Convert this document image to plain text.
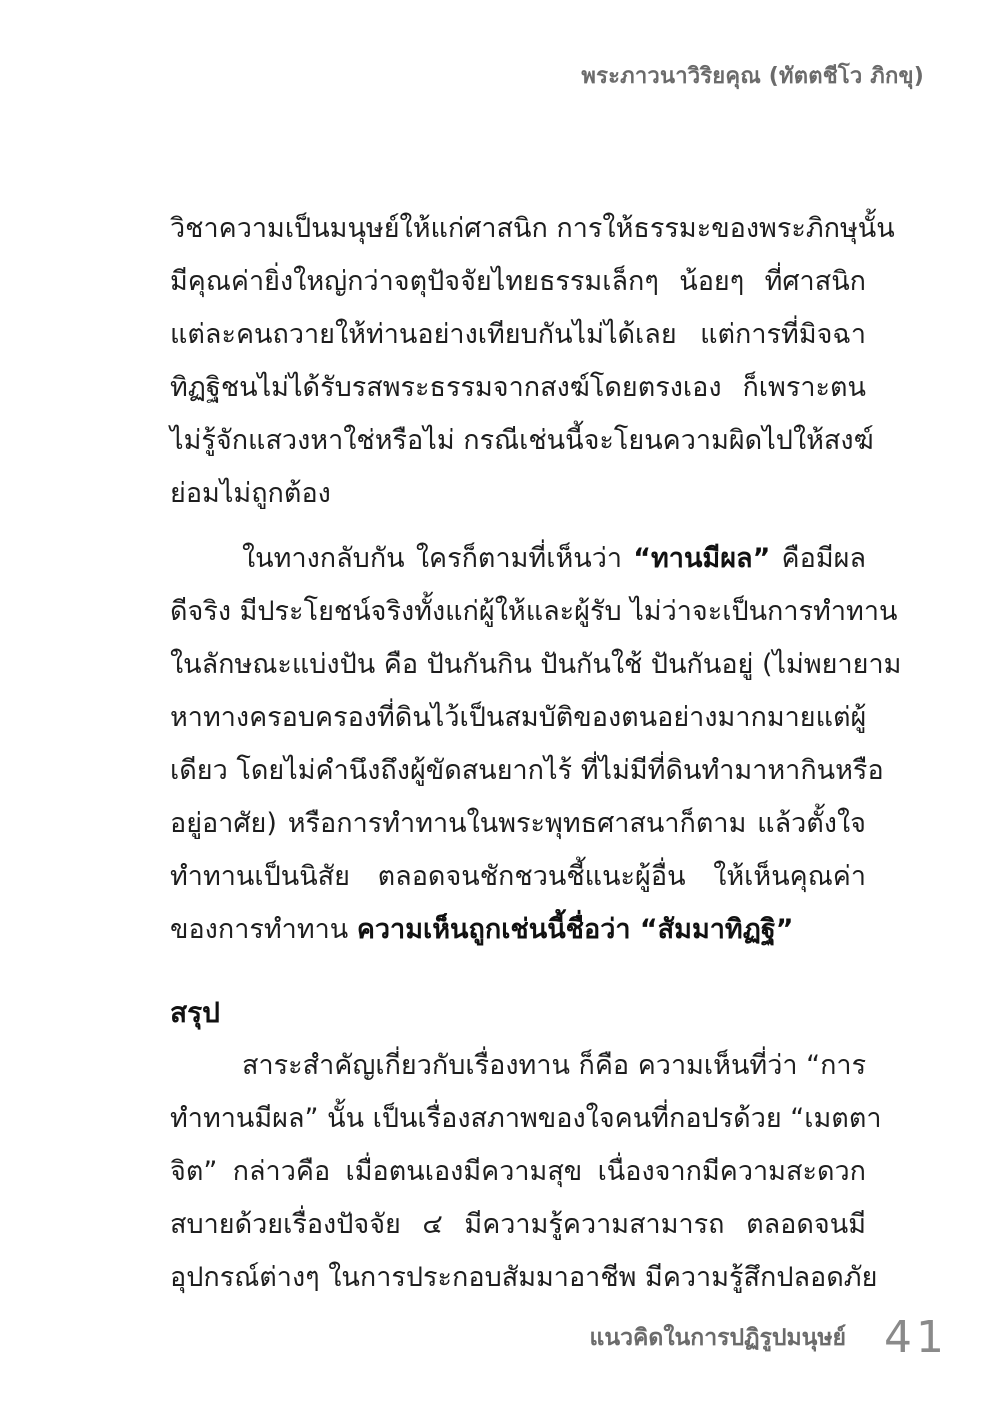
พระภาวนาวิริยคุณ (ทัตตชีโว ภิกขุ)
วิชาความเป็นมนุษย์ให้แก่ศาสนิก การให้ธรรมะของพระภิกษุนั้น
มีคุณค่ายิ่งใหญ่กว่าจตุปัจจัยไทยธรรมเล็กๆ น้อยๆ ที่ศาสนิก
แต่ละคนถวายให้ท่านอย่างเทียบกันไม่ได้เลย แต่การที่มิจฉา
ทิฏฐิชนไม่ได้รับรสพระธรรมจากสงฆ์โดยตรงเอง ก็เพราะตน
ไม่รู้จักแสวงหาใช่หรือไม่ กรณีเช่นนี้จะโยนความผิดไปให้สงฆ์
ย่อมไม่ถูกต้อง
ในทางกลับกัน ใครก็ตามที่เห็นว่า “ทานมีผล” คือมีผล
ดีจริง มีประโยชน์จริงทั้งแก่ผู้ให้และผู้รับ ไม่ว่าจะเป็นการทำทาน
ในลักษณะแบ่งปัน คือ ปันกันกิน ปันกันใช้ ปันกันอยู่ (ไม่พยายาม
หาทางครอบครองที่ดินไว้เป็นสมบัติของตนอย่างมากมายแต่ผู้
เดียว โดยไม่คำนึงถึงผู้ขัดสนยากไร้ ที่ไม่มีที่ดินทำมาหากินหรือ
อยู่อาศัย) หรือการทำทานในพระพุทธศาสนาก็ตาม แล้วตั้งใจ
ทำทานเป็นนิสัย ตลอดจนชักชวนชี้แนะผู้อื่น ให้เห็นคุณค่า
ของการทำทาน ความเห็นถูกเช่นนี้ชื่อว่า “สัมมาทิฏฐิ”
สรุป
สาระสำคัญเกี่ยวกับเรื่องทาน ก็คือ ความเห็นที่ว่า “การ
ทำทานมีผล” นั้น เป็นเรื่องสภาพของใจคนที่กอปรด้วย “เมตตา
จิต” กล่าวคือ เมื่อตนเองมีความสุข เนื่องจากมีความสะดวก
สบายด้วยเรื่องปัจจัย ๔ มีความรู้ความสามารถ ตลอดจนมี
อุปกรณ์ต่างๆ ในการประกอบสัมมาอาชีพ มีความรู้สึกปลอดภัย
แนวคิดในการปฏิรูปมนุษย์ 41
